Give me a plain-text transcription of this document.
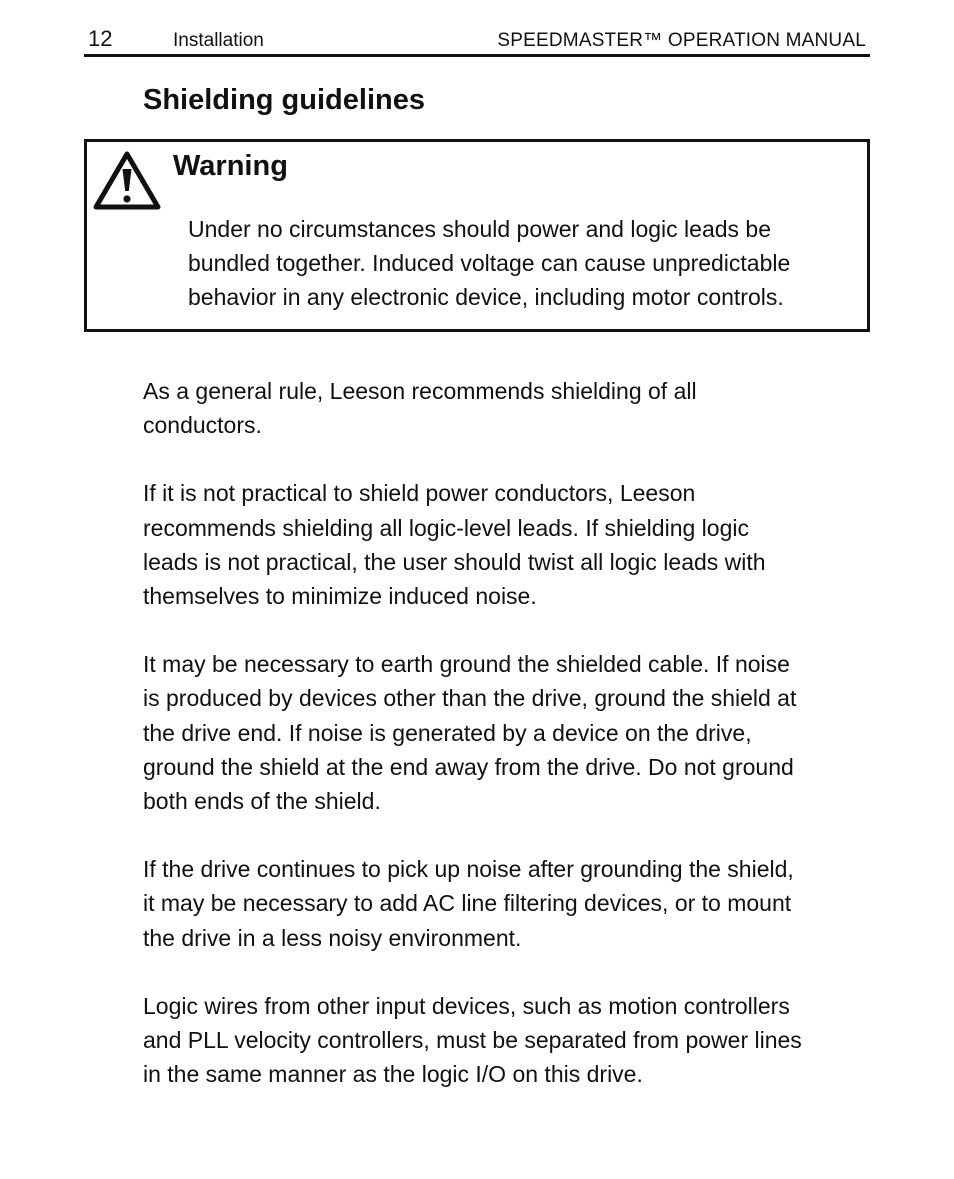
12	Installation	SPEEDMASTER™ OPERATION MANUAL
Shielding guidelines
Warning

Under no circumstances should power and logic leads be
bundled together. Induced voltage can cause unpredictable
behavior in any electronic device, including motor controls.

As a general rule, Leeson recommends shielding of all
conductors.

If it is not practical to shield power conductors, Leeson
recommends shielding all logic-level leads. If shielding logic
leads is not practical, the user should twist all logic leads with
themselves to minimize induced noise.

It may be necessary to earth ground the shielded cable. If noise
is produced by devices other than the drive, ground the shield at
the drive end. If noise is generated by a device on the drive,
ground the shield at the end away from the drive. Do not ground
both ends of the shield.

If the drive continues to pick up noise after grounding the shield,
it may be necessary to add AC line filtering devices, or to mount
the drive in a less noisy environment.

Logic wires from other input devices, such as motion controllers
and PLL velocity controllers, must be separated from power lines
in the same manner as the logic I/O on this drive.
